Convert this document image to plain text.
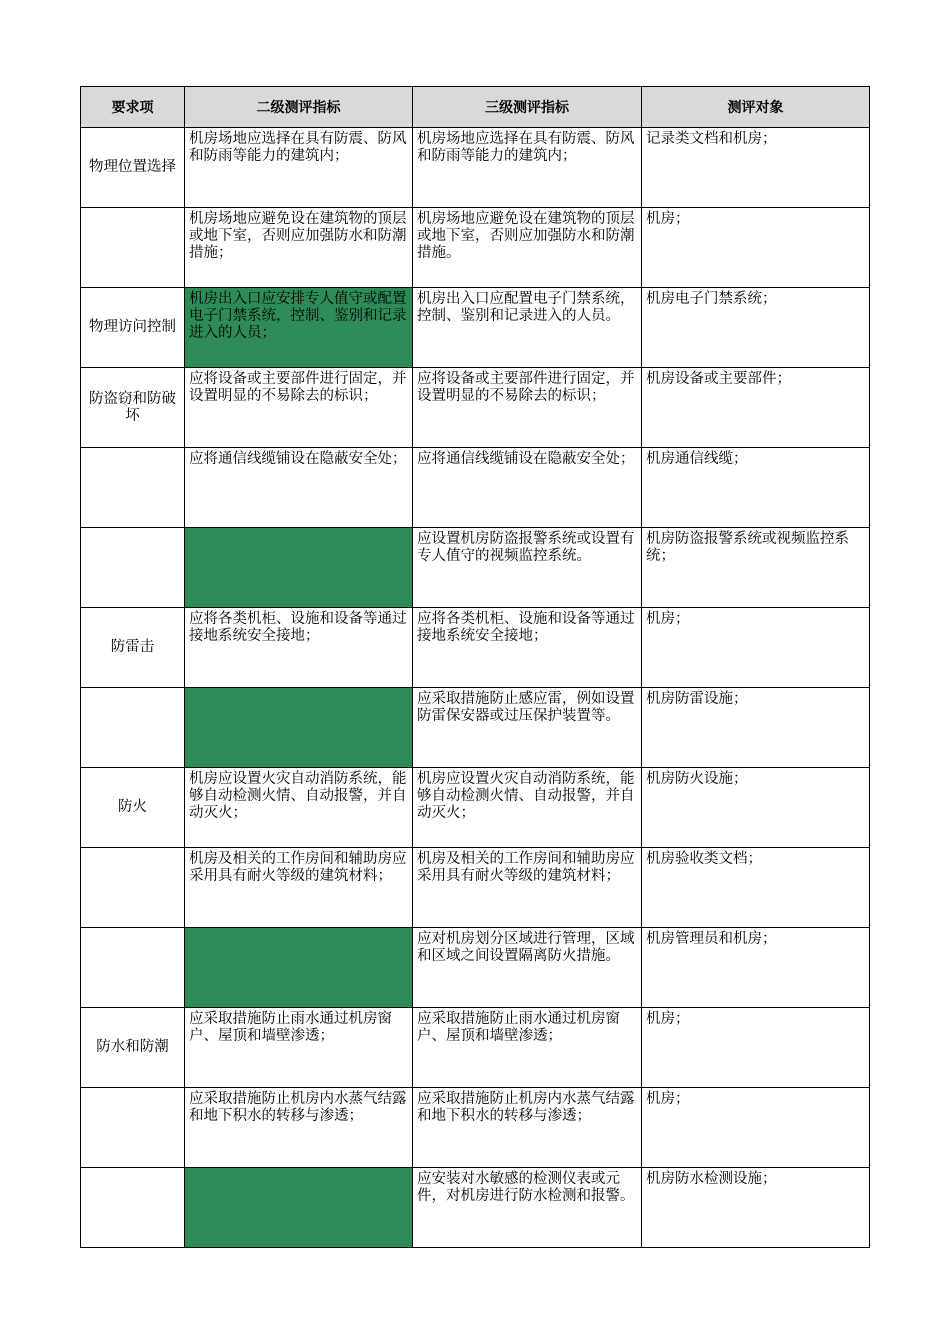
要求项	二级测评指标	三级测评指标	测评对象
物理位置选择	机房场地应选择在具有防震、防风和防雨等能力的建筑内；	机房场地应选择在具有防震、防风和防雨等能力的建筑内；	记录类文档和机房；
	机房场地应避免设在建筑物的顶层或地下室，否则应加强防水和防潮措施；	机房场地应避免设在建筑物的顶层或地下室，否则应加强防水和防潮措施。	机房；
物理访问控制	机房出入口应安排专人值守或配置电子门禁系统，控制、鉴别和记录进入的人员；	机房出入口应配置电子门禁系统，控制、鉴别和记录进入的人员。	机房电子门禁系统；
防盗窃和防破坏	应将设备或主要部件进行固定，并设置明显的不易除去的标识；	应将设备或主要部件进行固定，并设置明显的不易除去的标识；	机房设备或主要部件；
	应将通信线缆铺设在隐蔽安全处；	应将通信线缆铺设在隐蔽安全处；	机房通信线缆；
		应设置机房防盗报警系统或设置有专人值守的视频监控系统。	机房防盗报警系统或视频监控系统；
防雷击	应将各类机柜、设施和设备等通过接地系统安全接地；	应将各类机柜、设施和设备等通过接地系统安全接地；	机房；
		应采取措施防止感应雷，例如设置防雷保安器或过压保护装置等。	机房防雷设施；
防火	机房应设置火灾自动消防系统，能够自动检测火情、自动报警，并自动灭火；	机房应设置火灾自动消防系统，能够自动检测火情、自动报警，并自动灭火；	机房防火设施；
	机房及相关的工作房间和辅助房应采用具有耐火等级的建筑材料；	机房及相关的工作房间和辅助房应采用具有耐火等级的建筑材料；	机房验收类文档；
		应对机房划分区域进行管理，区域和区域之间设置隔离防火措施。	机房管理员和机房；
防水和防潮	应采取措施防止雨水通过机房窗户、屋顶和墙壁渗透；	应采取措施防止雨水通过机房窗户、屋顶和墙壁渗透；	机房；
	应采取措施防止机房内水蒸气结露和地下积水的转移与渗透；	应采取措施防止机房内水蒸气结露和地下积水的转移与渗透；	机房；
		应安装对水敏感的检测仪表或元件，对机房进行防水检测和报警。	机房防水检测设施；
